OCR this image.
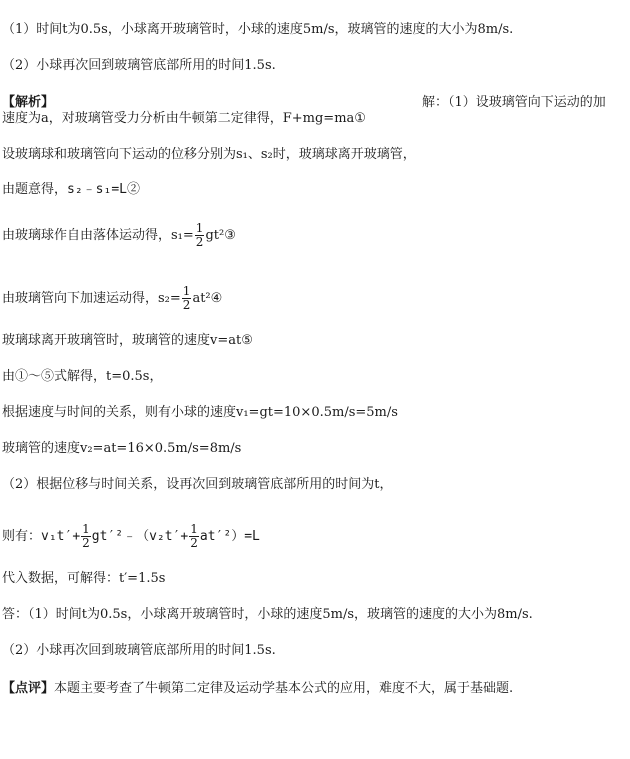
（1）时间t为0.5s，小球离开玻璃管时，小球的速度5m/s，玻璃管的速度的大小为8m/s.
（2）小球再次回到玻璃管底部所用的时间1.5s.
【解析】	解：（1）设玻璃管向下运动的加
速度为a，对玻璃管受力分析由牛顿第二定律得，F+mg=ma①
设玻璃球和玻璃管向下运动的位移分别为s₁、s₂时，玻璃球离开玻璃管，
由题意得，s₂﹣s₁=L②
由玻璃球作自由落体运动得，$s_1= \frac{1}{2}$ gt²③
由玻璃管向下加速运动得，$s_2= \frac{1}{2}$ at²④
玻璃球离开玻璃管时，玻璃管的速度v=at⑤
由①～⑤式解得，t=0.5s，
根据速度与时间的关系，则有小球的速度v₁=gt=10×0.5m/s=5m/s
玻璃管的速度v₂=at=16×0.5m/s=8m/s
（2）根据位移与时间关系，设再次回到玻璃管底部所用的时间为t，
则有：$v_1t'+ \frac{1}{2}$ gt′²﹣（v₂t′+ $\frac{1}{2} at'^2)=L$
代入数据，可解得：t′=1.5s
答：（1）时间t为0.5s，小球离开玻璃管时，小球的速度5m/s，玻璃管的速度的大小为8m/s.
（2）小球再次回到玻璃管底部所用的时间1.5s.
【点评】本题主要考查了牛顿第二定律及运动学基本公式的应用，难度不大，属于基础题.
